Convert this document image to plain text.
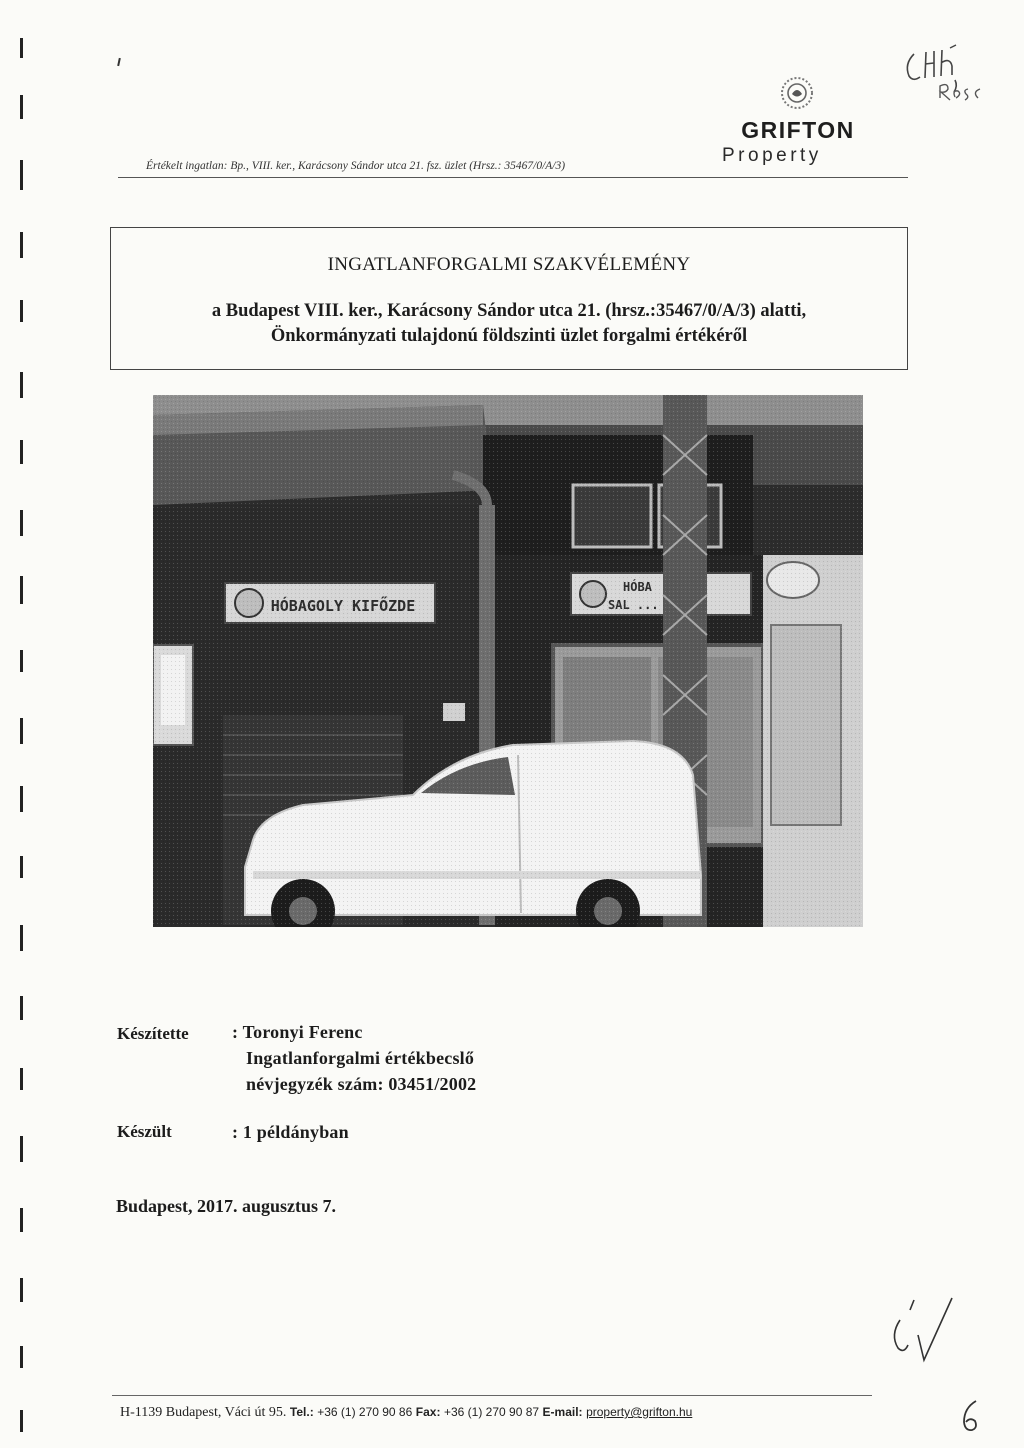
Értékelt ingatlan: Bp., VIII. ker., Karácsony Sándor utca 21. fsz. üzlet (Hrsz.: 35467/0/A/3)
GRIFTON
Property
INGATLANFORGALMI SZAKVÉLEMÉNY
a Budapest VIII. ker., Karácsony Sándor utca 21. (hrsz.:35467/0/A/3) alatti,
Önkormányzati tulajdonú földszinti üzlet forgalmi értékéről
Készítette : Toronyi Ferenc
Ingatlanforgalmi értékbecslő
névjegyzék szám: 03451/2002
Készült	: 1 példányban
Budapest, 2017. augusztus 7.
H-1139 Budapest, Váci út 95. Tel.: +36 (1) 270 90 86 Fax: +36 (1) 270 90 87 E-mail: property@grifton.hu
